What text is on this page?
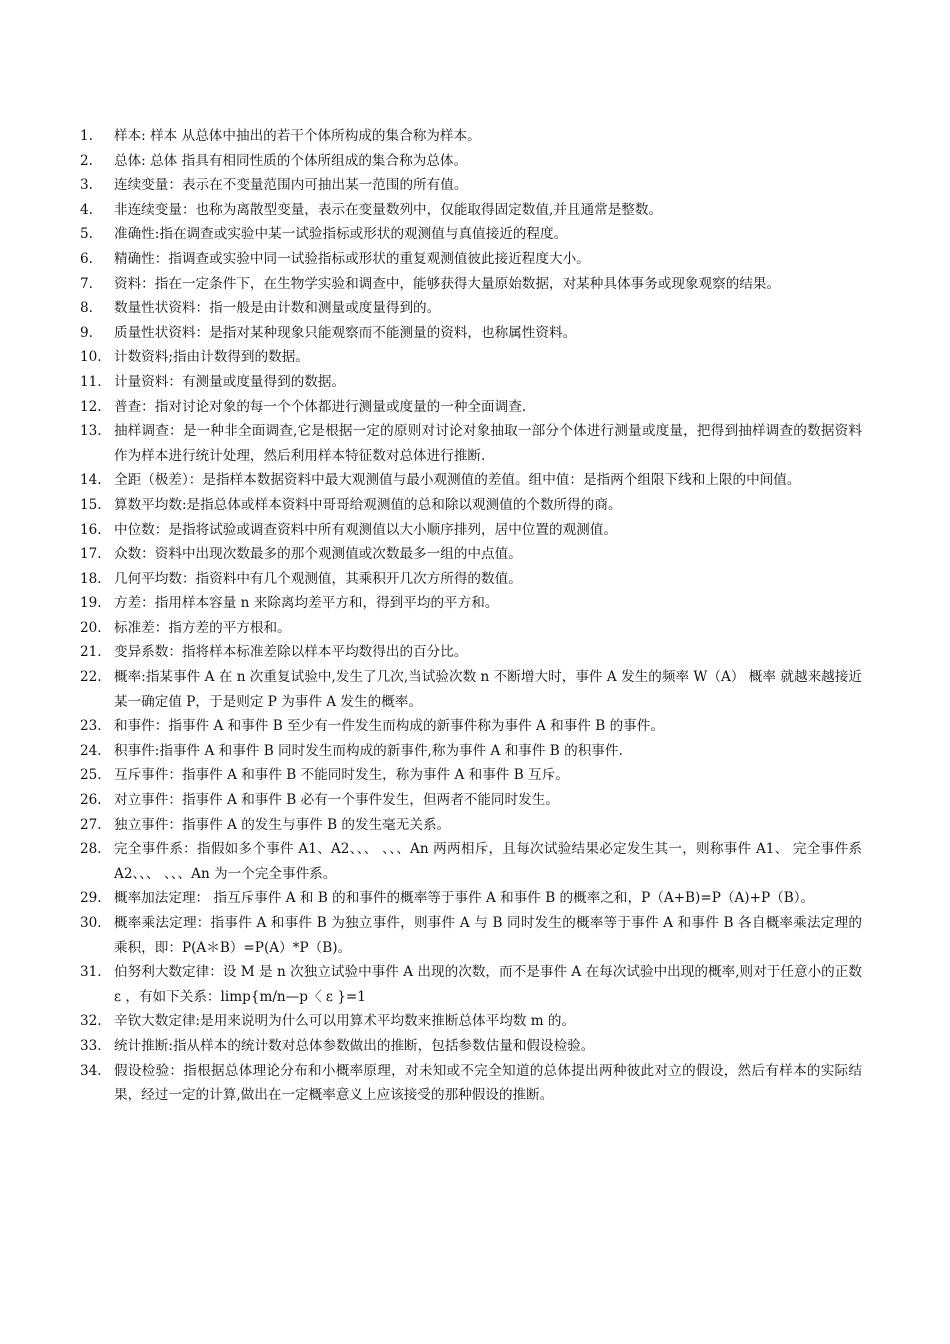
1.	样本: 样本 从总体中抽出的若干个体所构成的集合称为样本。
2.	总体: 总体 指具有相同性质的个体所组成的集合称为总体。
3.	连续变量：表示在不变量范围内可抽出某一范围的所有值。
4.	非连续变量：也称为离散型变量，表示在变量数列中，仅能取得固定数值,并且通常是整数。
5.	准确性:指在调查或实验中某一试验指标或形状的观测值与真值接近的程度。
6.	精确性：指调查或实验中同一试验指标或形状的重复观测值彼此接近程度大小。
7.	资料：指在一定条件下，在生物学实验和调查中，能够获得大量原始数据，对某种具体事务或现象观察的结果。
8.	数量性状资料：指一般是由计数和测量或度量得到的。
9.	质量性状资料：是指对某种现象只能观察而不能测量的资料，也称属性资料。
10. 计数资料;指由计数得到的数据。
11. 计量资料：有测量或度量得到的数据。
12. 普查：指对讨论对象的每一个个体都进行测量或度量的一种全面调查.
13. 抽样调查：是一种非全面调查,它是根据一定的原则对讨论对象抽取一部分个体进行测量或度量，把得到抽样调查的数据资料作为样本进行统计处理，然后利用样本特征数对总体进行推断.
14. 全距（极差）：是指样本数据资料中最大观测值与最小观测值的差值。组中值：是指两个组限下线和上限的中间值。
15. 算数平均数:是指总体或样本资料中哥哥给观测值的总和除以观测值的个数所得的商。
16. 中位数：是指将试验或调查资料中所有观测值以大小顺序排列，居中位置的观测值。
17. 众数：资料中出现次数最多的那个观测值或次数最多一组的中点值。
18. 几何平均数：指资料中有几个观测值，其乘积开几次方所得的数值。
19. 方差：指用样本容量 n 来除离均差平方和，得到平均的平方和。
20. 标准差：指方差的平方根和。
21. 变异系数：指将样本标准差除以样本平均数得出的百分比。
22. 概率:指某事件 A 在 n 次重复试验中,发生了几次,当试验次数 n 不断增大时，事件 A 发生的频率 W（A） 概率 就越来越接近某一确定值 P，于是则定 P 为事件 A 发生的概率。
23. 和事件：指事件 A 和事件 B 至少有一件发生而构成的新事件称为事件 A 和事件 B 的事件。
24. 积事件:指事件 A 和事件 B 同时发生而构成的新事件,称为事件 A 和事件 B 的积事件.
25. 互斥事件：指事件 A 和事件 B 不能同时发生，称为事件 A 和事件 B 互斥。
26. 对立事件：指事件 A 和事件 B 必有一个事件发生，但两者不能同时发生。
27. 独立事件：指事件 A 的发生与事件 B 的发生毫无关系。
28. 完全事件系：指假如多个事件 A1、A2、、、 、、、An 两两相斥，且每次试验结果必定发生其一，则称事件 A1、 完全事件系 A2、、、 、、、An 为一个完全事件系。
29. 概率加法定理： 指互斥事件 A 和 B 的和事件的概率等于事件 A 和事件 B 的概率之和，P（A+B)=P（A)+P（B）。
30. 概率乘法定理：指事件 A 和事件 B 为独立事件，则事件 A 与 B 同时发生的概率等于事件 A 和事件 B 各自概率乘法定理的乘积，即：P(A＊B）=P(A）*P（B)。
31. 伯努利大数定律：设 M 是 n 次独立试验中事件 A 出现的次数，而不是事件 A 在每次试验中出现的概率,则对于任意小的正数 ε ，有如下关系：limp{m/n—p〈 ε }=1
32. 辛钦大数定律:是用来说明为什么可以用算术平均数来推断总体平均数 m 的。
33. 统计推断:指从样本的统计数对总体参数做出的推断，包括参数估量和假设检验。
34. 假设检验：指根据总体理论分布和小概率原理，对未知或不完全知道的总体提出两种彼此对立的假设，然后有样本的实际结果，经过一定的计算,做出在一定概率意义上应该接受的那种假设的推断。
